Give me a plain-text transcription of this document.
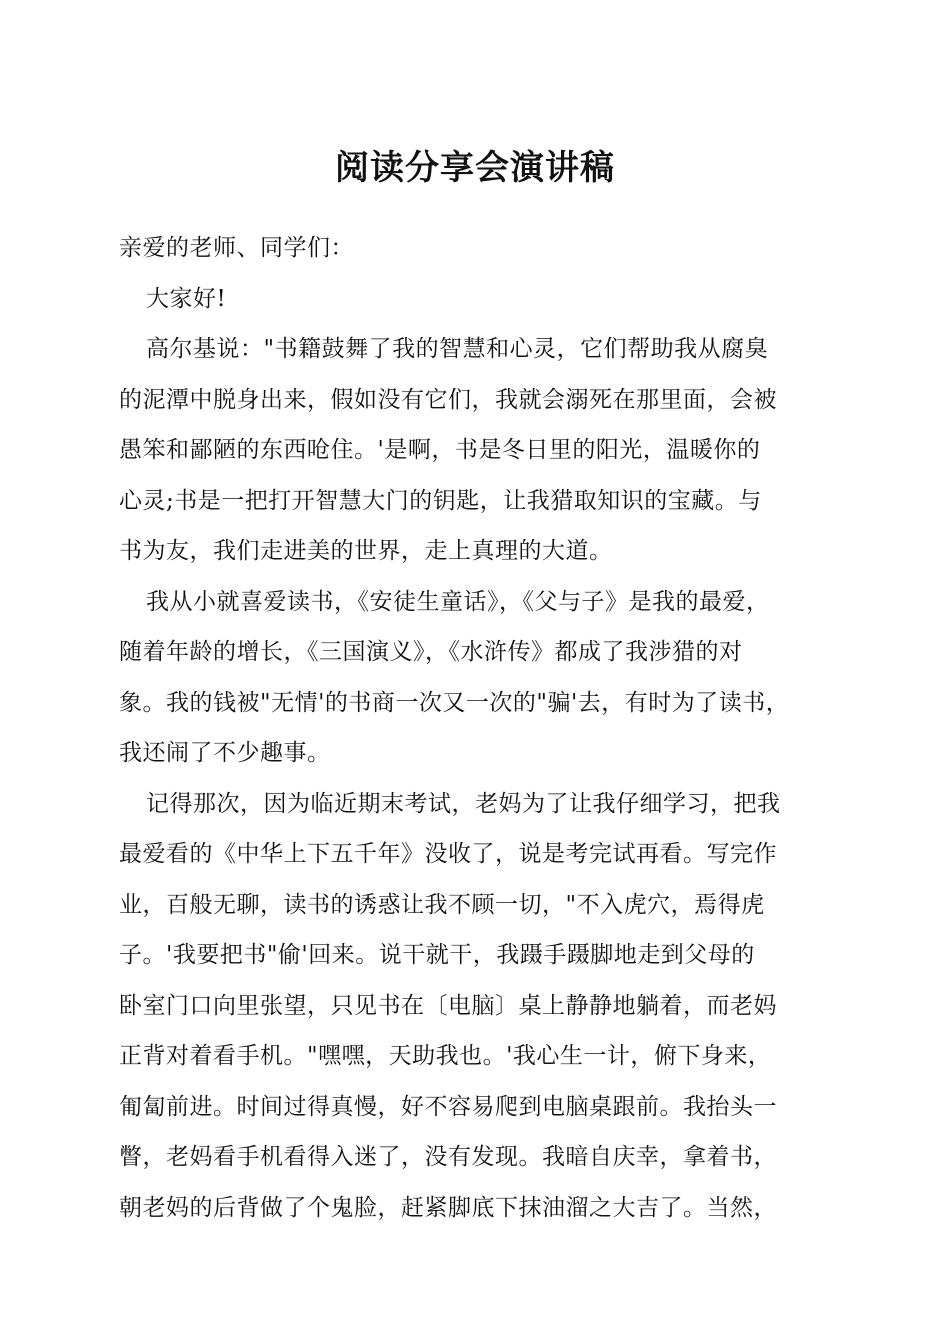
阅读分享会演讲稿
亲爱的老师、同学们：
大家好!
高尔基说："书籍鼓舞了我的智慧和心灵，它们帮助我从腐臭
的泥潭中脱身出来，假如没有它们，我就会溺死在那里面，会被
愚笨和鄙陋的东西呛住。'是啊，书是冬日里的阳光，温暖你的
心灵;书是一把打开智慧大门的钥匙，让我猎取知识的宝藏。与
书为友，我们走进美的世界，走上真理的大道。
我从小就喜爱读书，《安徒生童话》，《父与子》是我的最爱，
随着年龄的增长，《三国演义》，《水浒传》都成了我涉猎的对
象。我的钱被"无情'的书商一次又一次的"骗'去，有时为了读书，
我还闹了不少趣事。
记得那次，因为临近期末考试，老妈为了让我仔细学习，把我
最爱看的《中华上下五千年》没收了，说是考完试再看。写完作
业，百般无聊，读书的诱惑让我不顾一切，"不入虎穴，焉得虎
子。'我要把书"偷'回来。说干就干，我蹑手蹑脚地走到父母的
卧室门口向里张望，只见书在〔电脑〕桌上静静地躺着，而老妈
正背对着看手机。"嘿嘿，天助我也。'我心生一计，俯下身来，
匍匐前进。时间过得真慢，好不容易爬到电脑桌跟前。我抬头一
瞥，老妈看手机看得入迷了，没有发现。我暗自庆幸，拿着书，
朝老妈的后背做了个鬼脸，赶紧脚底下抹油溜之大吉了。当然，
